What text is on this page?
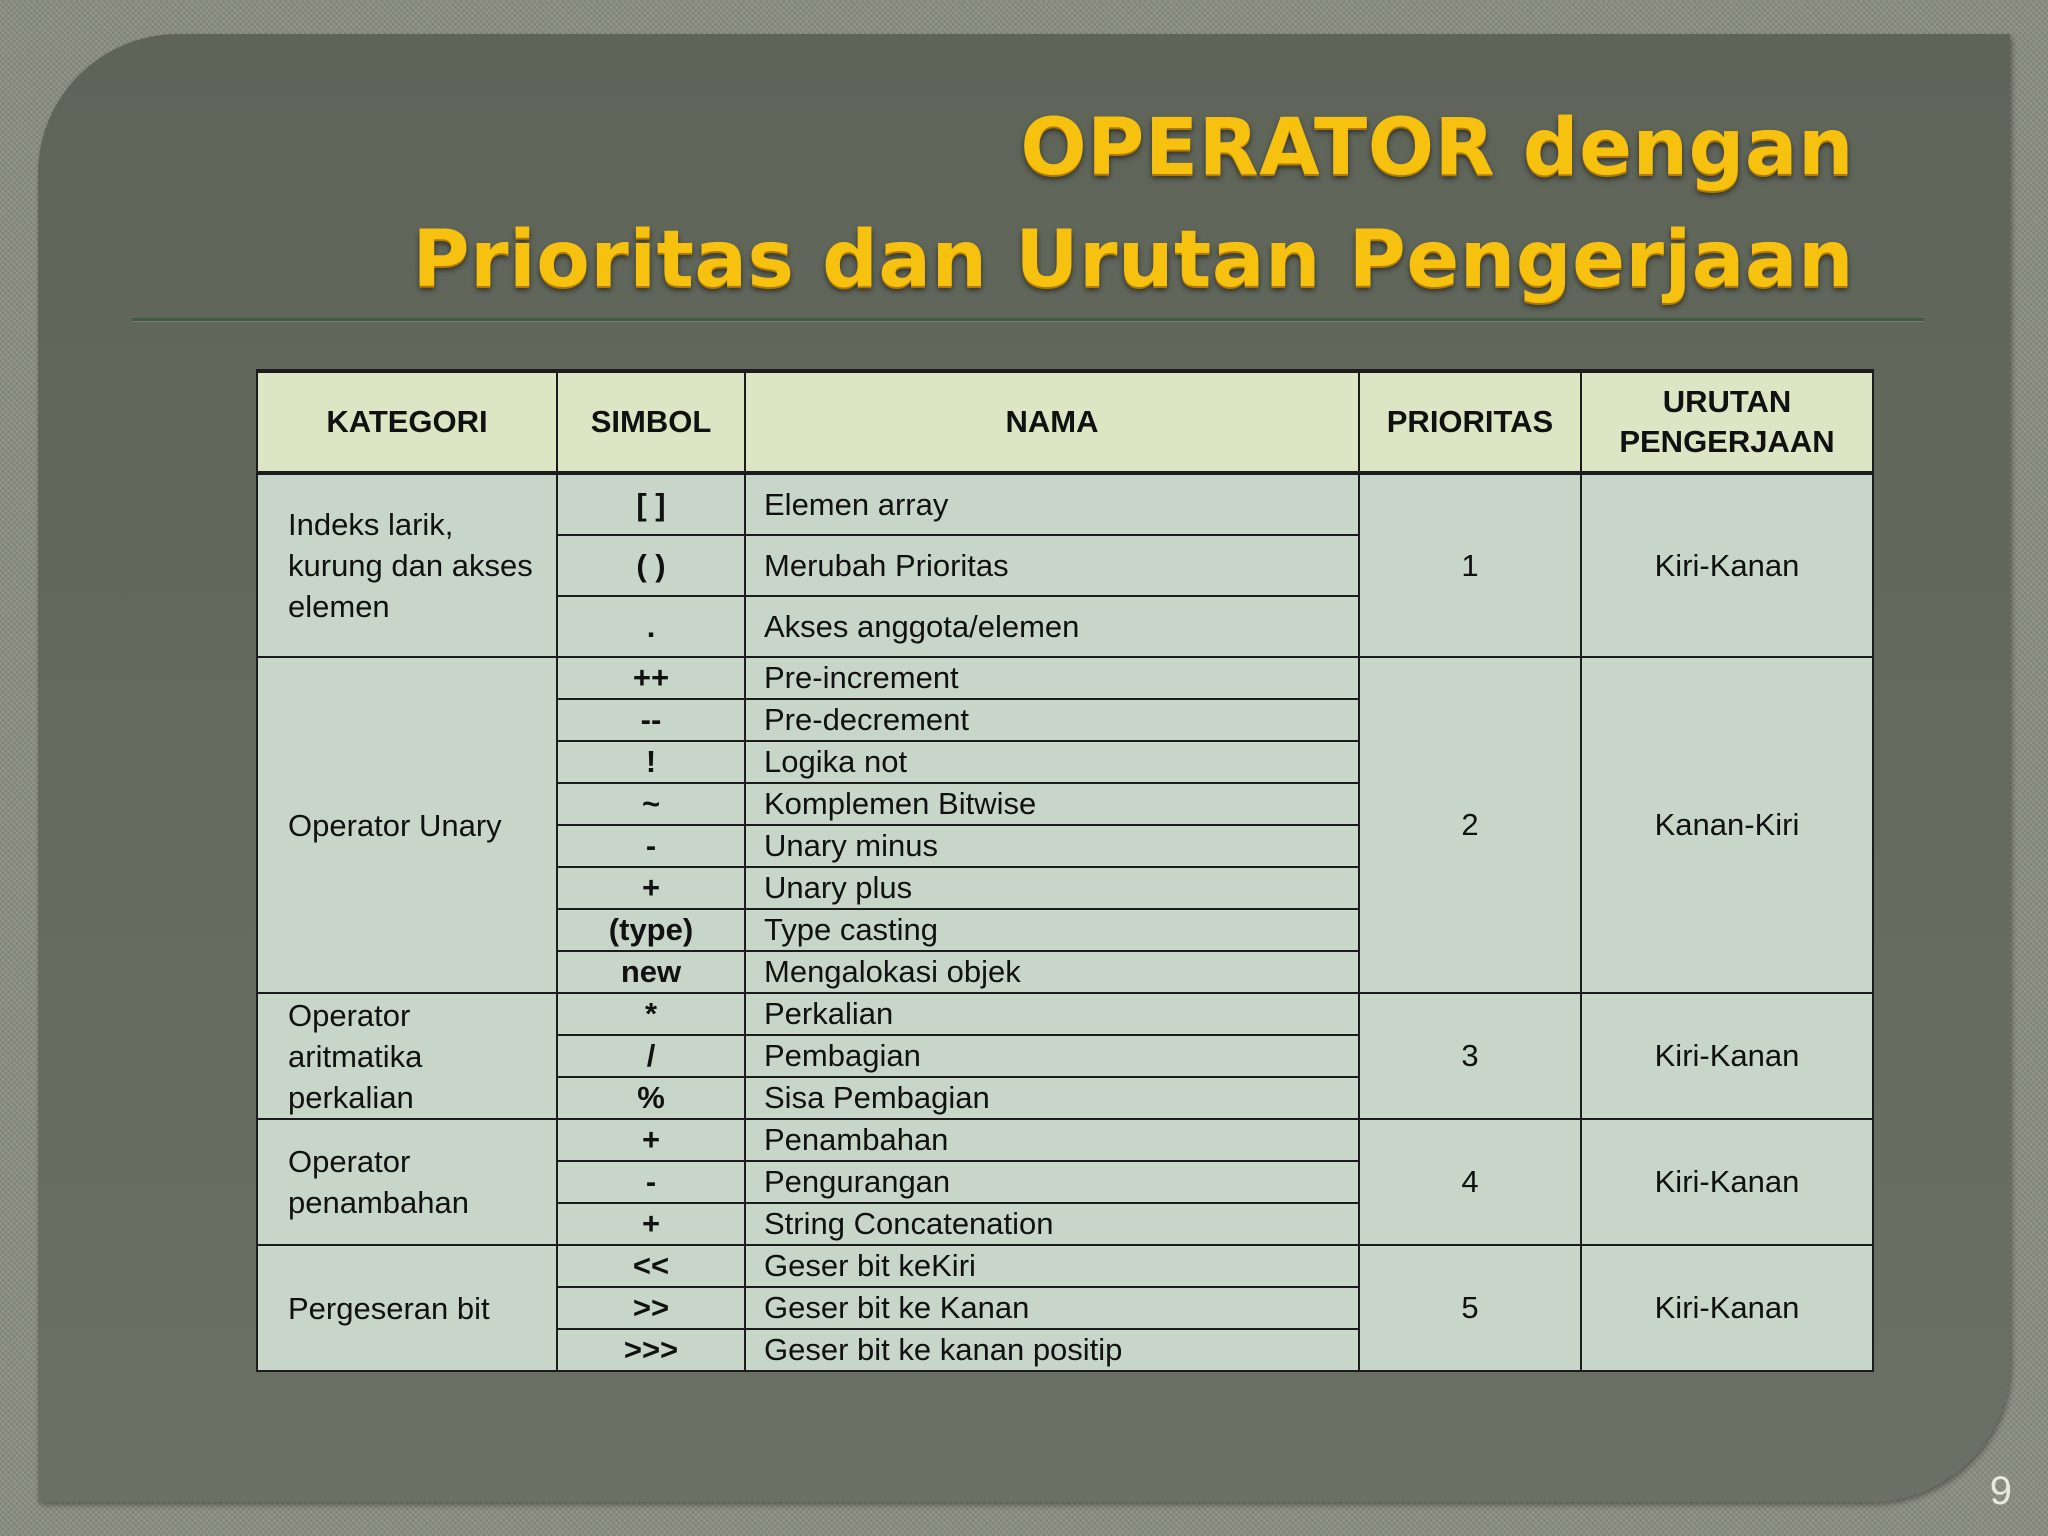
OPERATOR dengan
Prioritas dan Urutan Pengerjaan
KATEGORI	SIMBOL	NAMA	PRIORITAS	URUTAN PENGERJAAN
Indeks larik, kurung dan akses elemen	[ ]	Elemen array	1	Kiri-Kanan
	( )	Merubah Prioritas		
	.	Akses anggota/elemen		
Operator Unary	++	Pre-increment	2	Kanan-Kiri
	--	Pre-decrement		
	!	Logika not		
	~	Komplemen Bitwise		
	-	Unary minus		
	+	Unary plus		
	(type)	Type casting		
	new	Mengalokasi objek		
Operator aritmatika perkalian	*	Perkalian	3	Kiri-Kanan
	/	Pembagian		
	%	Sisa Pembagian		
Operator penambahan	+	Penambahan	4	Kiri-Kanan
	-	Pengurangan		
	+	String Concatenation		
Pergeseran bit	<<	Geser bit keKiri	5	Kiri-Kanan
	>>	Geser bit ke Kanan		
	>>>	Geser bit ke kanan positip		
9
